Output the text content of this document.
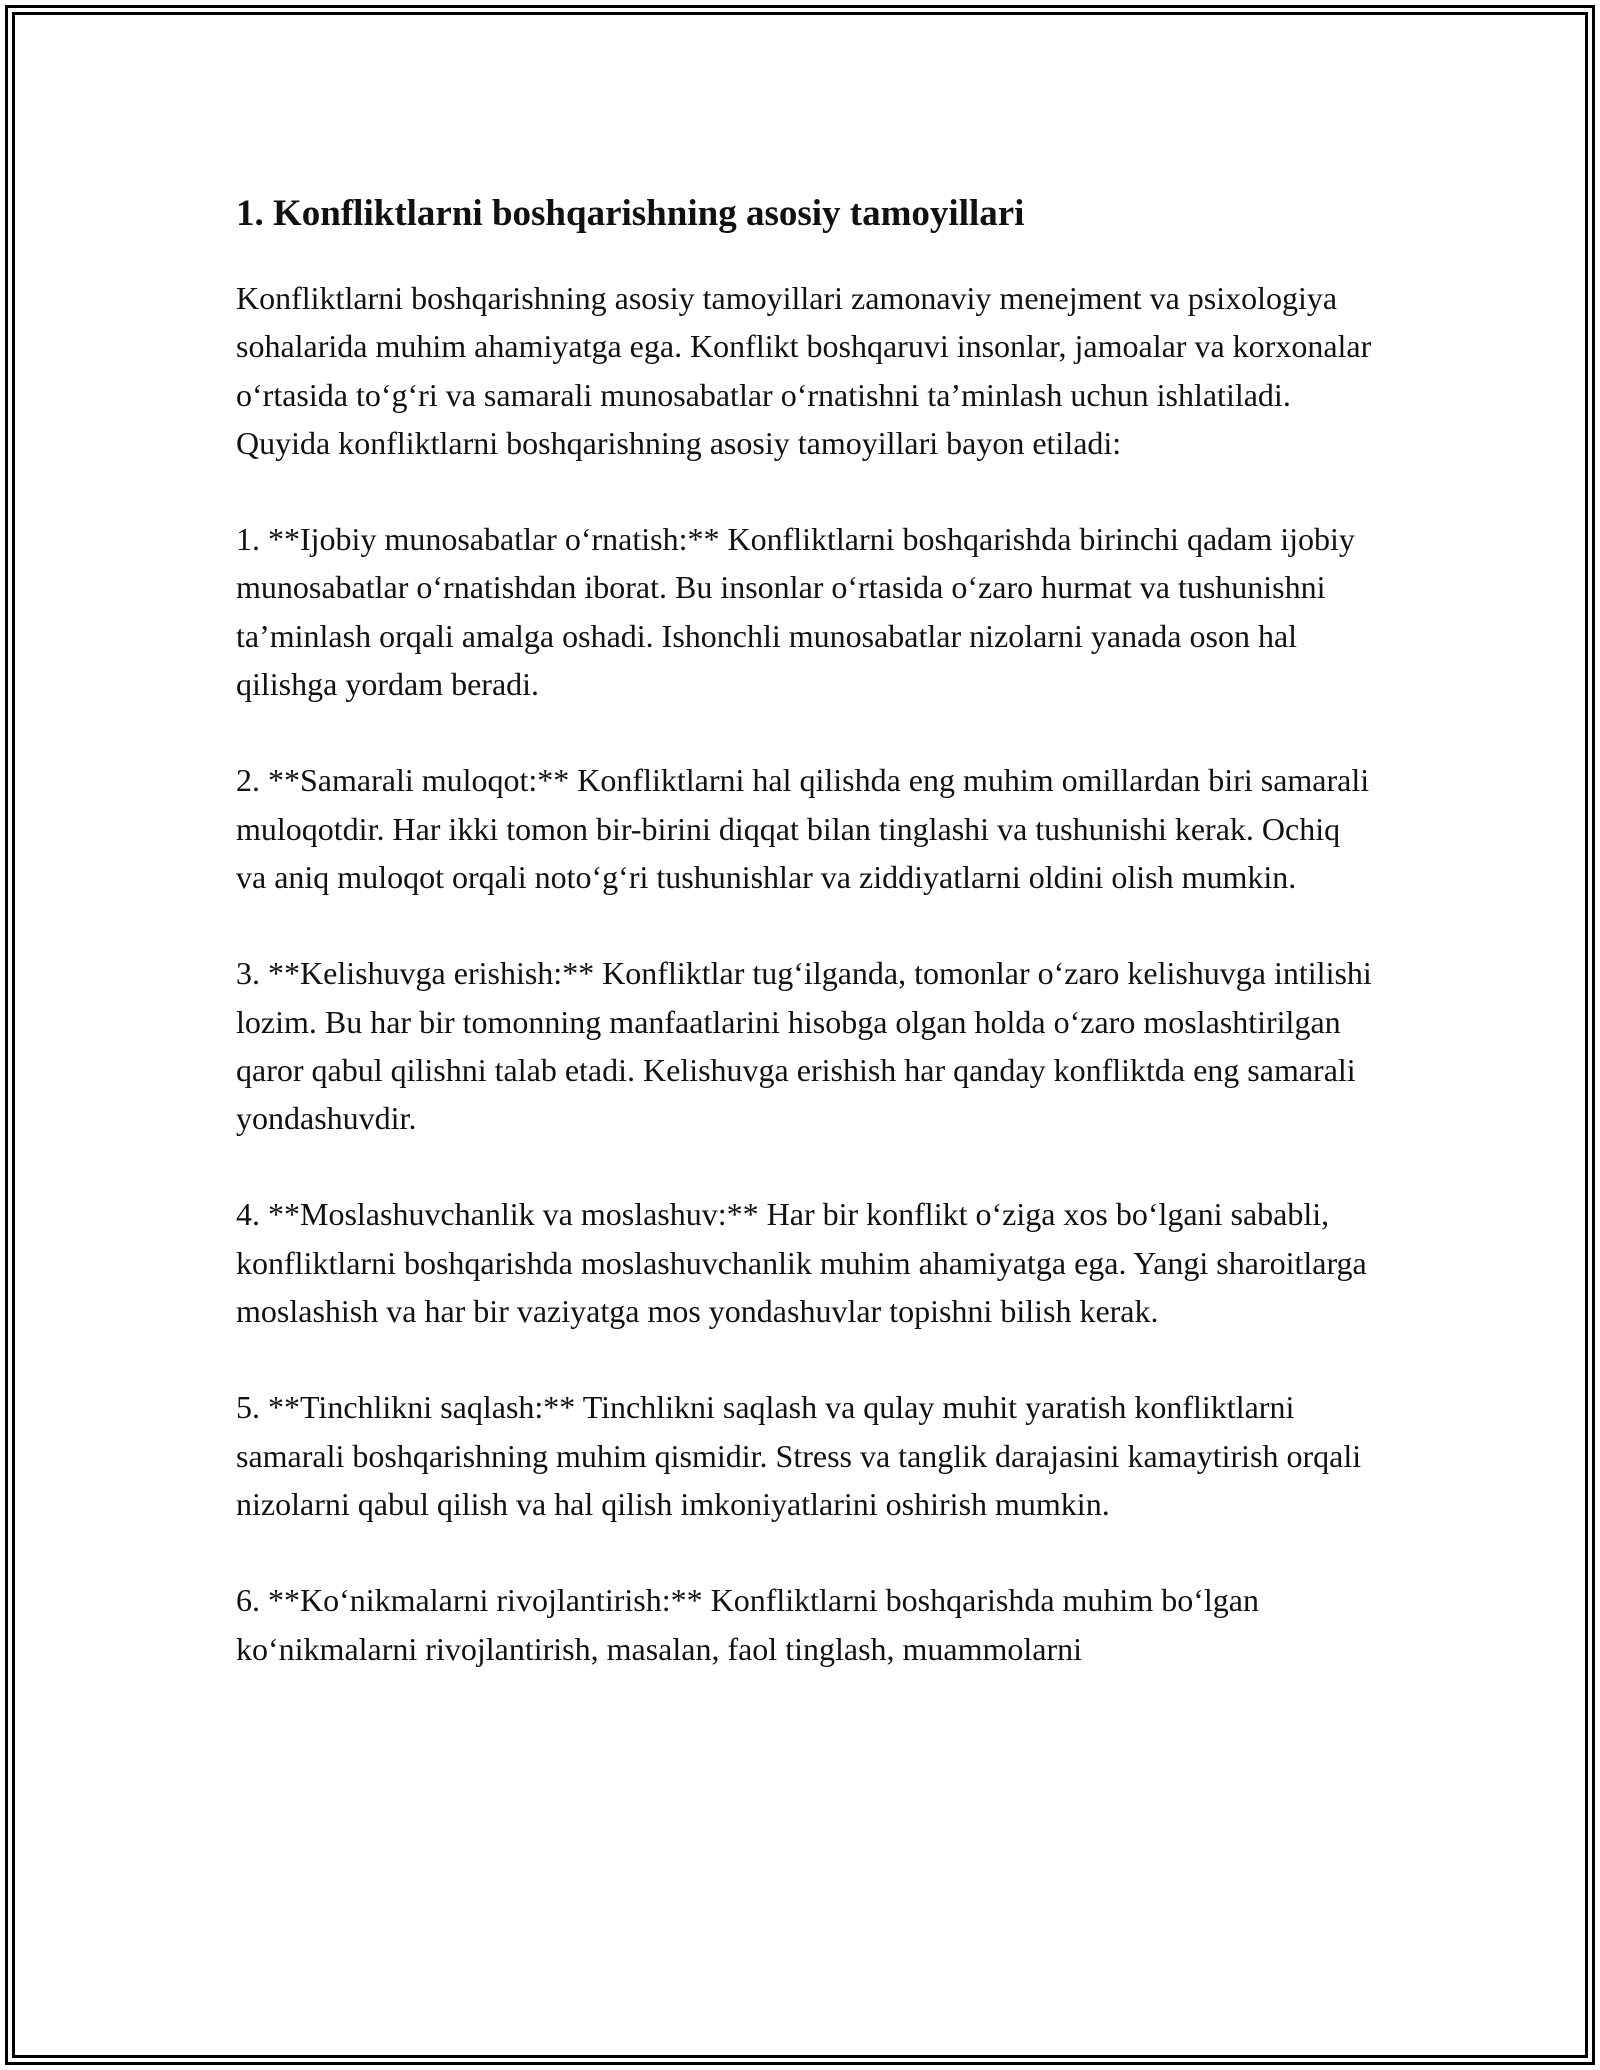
1. Konfliktlarni boshqarishning asosiy tamoyillari

Konfliktlarni boshqarishning asosiy tamoyillari zamonaviy menejment va psixologiya sohalarida muhim ahamiyatga ega. Konflikt boshqaruvi insonlar, jamoalar va korxonalar o‘rtasida to‘g‘ri va samarali munosabatlar o‘rnatishni ta’minlash uchun ishlatiladi. Quyida konfliktlarni boshqarishning asosiy tamoyillari bayon etiladi:

1. **Ijobiy munosabatlar o‘rnatish:** Konfliktlarni boshqarishda birinchi qadam ijobiy munosabatlar o‘rnatishdan iborat. Bu insonlar o‘rtasida o‘zaro hurmat va tushunishni ta’minlash orqali amalga oshadi. Ishonchli munosabatlar nizolarni yanada oson hal qilishga yordam beradi.

2. **Samarali muloqot:** Konfliktlarni hal qilishda eng muhim omillardan biri samarali muloqotdir. Har ikki tomon bir-birini diqqat bilan tinglashi va tushunishi kerak. Ochiq va aniq muloqot orqali noto‘g‘ri tushunishlar va ziddiyatlarni oldini olish mumkin.

3. **Kelishuvga erishish:** Konfliktlar tug‘ilganda, tomonlar o‘zaro kelishuvga intilishi lozim. Bu har bir tomonning manfaatlarini hisobga olgan holda o‘zaro moslashtirilgan qaror qabul qilishni talab etadi. Kelishuvga erishish har qanday konfliktda eng samarali yondashuvdir.

4. **Moslashuvchanlik va moslashuv:** Har bir konflikt o‘ziga xos bo‘lgani sababli, konfliktlarni boshqarishda moslashuvchanlik muhim ahamiyatga ega. Yangi sharoitlarga moslashish va har bir vaziyatga mos yondashuvlar topishni bilish kerak.

5. **Tinchlikni saqlash:** Tinchlikni saqlash va qulay muhit yaratish konfliktlarni samarali boshqarishning muhim qismidir. Stress va tanglik darajasini kamaytirish orqali nizolarni qabul qilish va hal qilish imkoniyatlarini oshirish mumkin.

6. **Ko‘nikmalarni rivojlantirish:** Konfliktlarni boshqarishda muhim bo‘lgan ko‘nikmalarni rivojlantirish, masalan, faol tinglash, muammolarni
